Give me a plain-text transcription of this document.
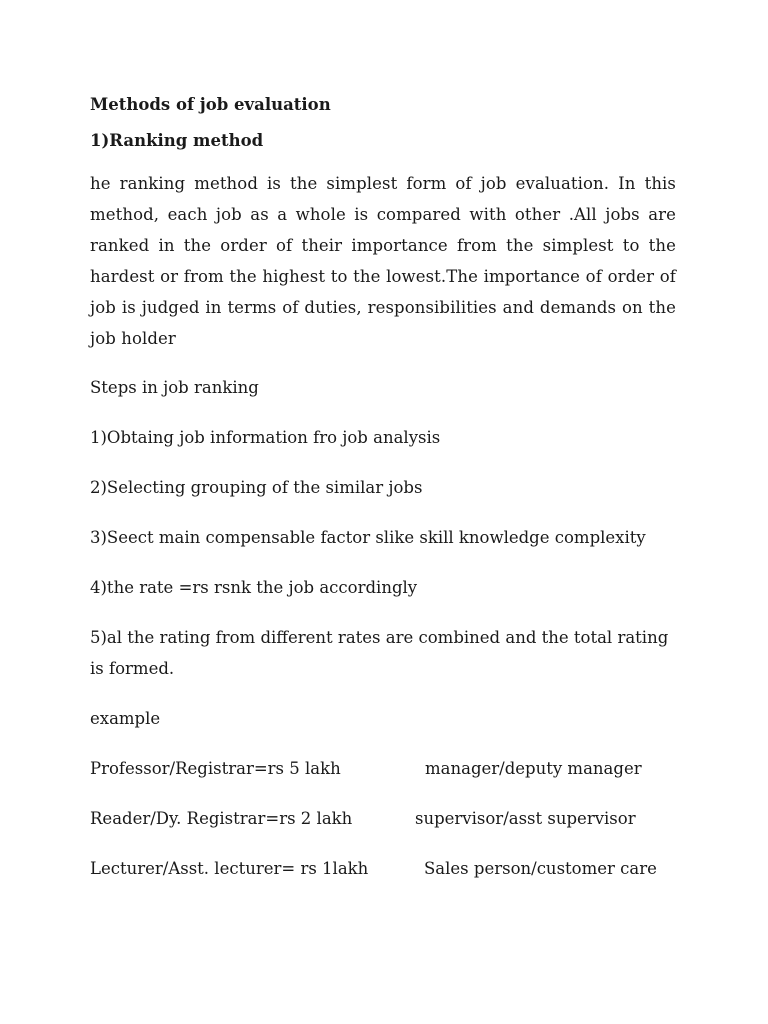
Methods of job evaluation
1)Ranking method

he ranking method is the simplest form of job evaluation. In this method, each job as a whole is compared with other .All jobs are ranked in the order of their importance from the simplest to the hardest or from the highest to the lowest.The importance of order of job is judged in terms of duties, responsibilities and demands on the job holder

Steps in job ranking

1)Obtaing job information fro job analysis

2)Selecting grouping of the similar jobs

3)Seect main compensable factor slike skill knowledge complexity

4)the rate =rs rsnk the job accordingly

5)al the rating from different rates are combined and the total rating is formed.

example

Professor/Registrar=rs 5 lakh	manager/deputy manager
Reader/Dy. Registrar=rs 2 lakh	supervisor/asst supervisor
Lecturer/Asst. lecturer= rs 1lakh	Sales person/customer care
